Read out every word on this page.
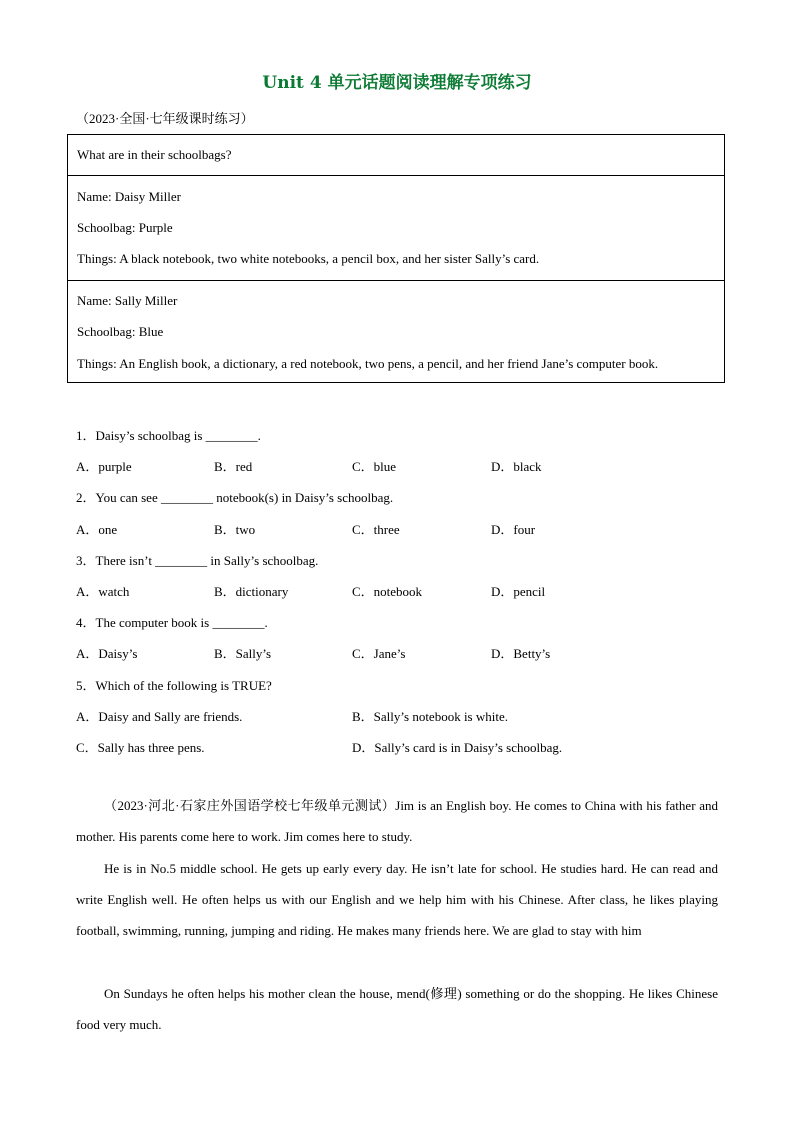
Unit 4 单元话题阅读理解专项练习
（2023·全国·七年级课时练习）
What are in their schoolbags?
Name: Daisy Miller
Schoolbag: Purple
Things: A black notebook, two white notebooks, a pencil box, and her sister Sally’s card.
Name: Sally Miller
Schoolbag: Blue
Things: An English book, a dictionary, a red notebook, two pens, a pencil, and her friend Jane’s computer book.
1．Daisy’s schoolbag is ________.
A．purple	B．red	C．blue	D．black
2．You can see ________ notebook(s) in Daisy’s schoolbag.
A．one	B．two	C．three	D．four
3．There isn’t ________ in Sally’s schoolbag.
A．watch	B．dictionary	C．notebook	D．pencil
4．The computer book is ________.
A．Daisy’s	B．Sally’s	C．Jane’s	D．Betty’s
5．Which of the following is TRUE?
A．Daisy and Sally are friends.	B．Sally’s notebook is white.
C．Sally has three pens.	D．Sally’s card is in Daisy’s schoolbag.
（2023·河北·石家庄外国语学校七年级单元测试）Jim is an English boy. He comes to China with his father and mother. His parents come here to work. Jim comes here to study.
He is in No.5 middle school. He gets up early every day. He isn’t late for school. He studies hard. He can read and write English well. He often helps us with our English and we help him with his Chinese. After class, he likes playing football, swimming, running, jumping and riding. He makes many friends here. We are glad to stay with him
On Sundays he often helps his mother clean the house, mend(修理) something or do the shopping. He likes Chinese food very much.
